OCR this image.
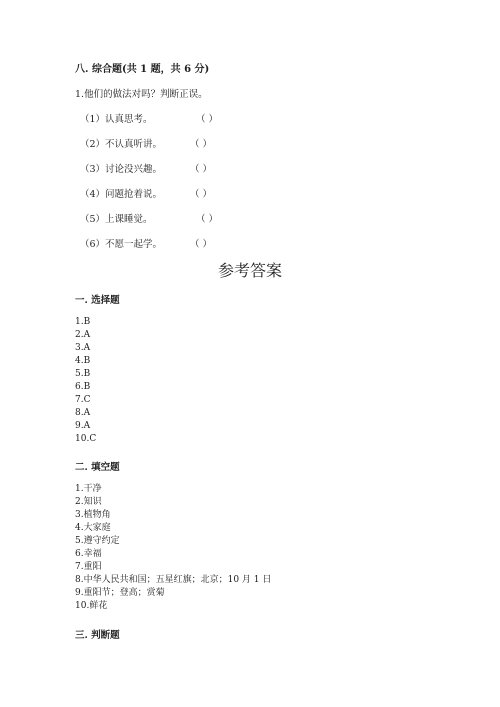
八. 综合题(共 1 题，共 6 分)
1.他们的做法对吗？判断正误。
（1）认真思考。	（ ）
（2）不认真听讲。	（ ）
（3）讨论没兴趣。	（ ）
（4）问题抢着说。	（ ）
（5）上课睡觉。	（ ）
（6）不愿一起学。	（ ）
参考答案
一. 选择题
1.B
2.A
3.A
4.B
5.B
6.B
7.C
8.A
9.A
10.C
二. 填空题
1.干净
2.知识
3.植物角
4.大家庭
5.遵守约定
6.幸福
7.重阳
8.中华人民共和国；五星红旗；北京；10 月 1 日
9.重阳节；登高；赏菊
10.鲜花
三. 判断题
